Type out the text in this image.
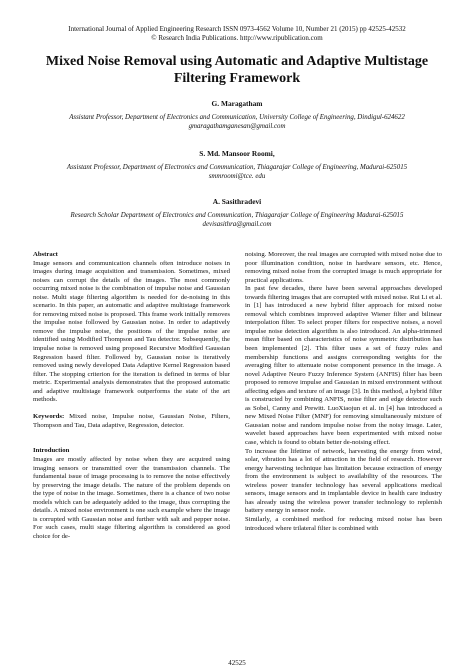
International Journal of Applied Engineering Research ISSN 0973-4562 Volume 10, Number 21 (2015) pp 42525-42532
© Research India Publications. http://www.ripublication.com
Mixed Noise Removal using Automatic and Adaptive Multistage Filtering Framework
G. Maragatham
Assistant Professor, Department of Electronics and Communication, University College of Engineering, Dindigul-624622
gmaragathamganesan@gmail.com
S. Md. Mansoor Roomi,
Assistant Professor, Department of Electronics and Communication, Thiagarajar College of Engineering, Madurai-625015
smmroomi@tce. edu
A. Sasithradevi
Research Scholar Department of Electronics and Communication, Thiagarajar College of Engineering Madurai-625015
devisasithra@gmail.com
Abstract

Image sensors and communication channels often introduce noises in images during image acquisition and transmission. Sometimes, mixed noises can corrupt the details of the images. The most commonly occurring mixed noise is the combination of impulse noise and Gaussian noise. Multi stage filtering algorithm is needed for de-noising in this scenario. In this paper, an automatic and adaptive multistage framework for removing mixed noise is proposed. This frame work initially removes the impulse noise followed by Gaussian noise. In order to adaptively remove the impulse noise, the positions of the impulse noise are identified using Modified Thompson and Tau detector. Subsequently, the impulse noise is removed using proposed Recursive Modified Gaussian Regression based filter. Followed by, Gaussian noise is iteratively removed using newly developed Data Adaptive Kernel Regression based filter. The stopping criterion for the iteration is defined in terms of blur metric. Experimental analysis demonstrates that the proposed automatic and adaptive multistage framework outperforms the state of the art methods.

Keywords: Mixed noise, Impulse noise, Gaussian Noise, Filters, Thompson and Tau, Data adaptive, Regression, detector.

Introduction

Images are mostly affected by noise when they are acquired using imaging sensors or transmitted over the transmission channels. The fundamental issue of image processing is to remove the noise effectively by preserving the image details. The nature of the problem depends on the type of noise in the image. Sometimes, there is a chance of two noise models which can be adequately added to the image, thus corrupting the details. A mixed noise environment is one such example where the image is corrupted with Gaussian noise and further with salt and pepper noise. For such cases, multi stage filtering algorithm is considered as good choice for de-

noising. Moreover, the real images are corrupted with mixed noise due to poor illumination condition, noise in hardware sensors, etc. Hence, removing mixed noise from the corrupted image is much appropriate for practical applications.

In past few decades, there have been several approaches developed towards filtering images that are corrupted with mixed noise. Rui Li et al. in [1] has introduced a new hybrid filter approach for mixed noise removal which combines improved adaptive Wiener filter and bilinear interpolation filter. To select proper filters for respective noises, a novel impulse noise detection algorithm is also introduced. An alpha-trimmed mean filter based on characteristics of noise symmetric distribution has been implemented [2]. This filter uses a set of fuzzy rules and membership functions and assigns corresponding weights for the averaging filter to attenuate noise component presence in the image. A novel Adaptive Neuro Fuzzy Inference System (ANFIS) filter has been proposed to remove impulse and Gaussian in mixed environment without affecting edges and texture of an image [3]. In this method, a hybrid filter is constructed by combining ANFIS, noise filter and edge detector such as Sobel, Canny and Prewitt. LuoXiaojun et al. in [4] has introduced a new Mixed Noise Filter (MNF) for removing simultaneously mixture of Gaussian noise and random impulse noise from the noisy image. Later, wavelet based approaches have been experimented with mixed noise case, which is found to obtain better de-noising effect.

To increase the lifetime of network, harvesting the energy from wind, solar, vibration has a lot of attraction in the field of research. However energy harvesting technique has limitation because extraction of energy from the environment is subject to availability of the resources. The wireless power transfer technology has several applications medical sensors, image sensors and in implantable device in health care industry has already using the wireless power transfer technology to replenish battery energy in sensor node.

Similarly, a combined method for reducing mixed noise has been introduced where trilateral filter is combined with

42525
